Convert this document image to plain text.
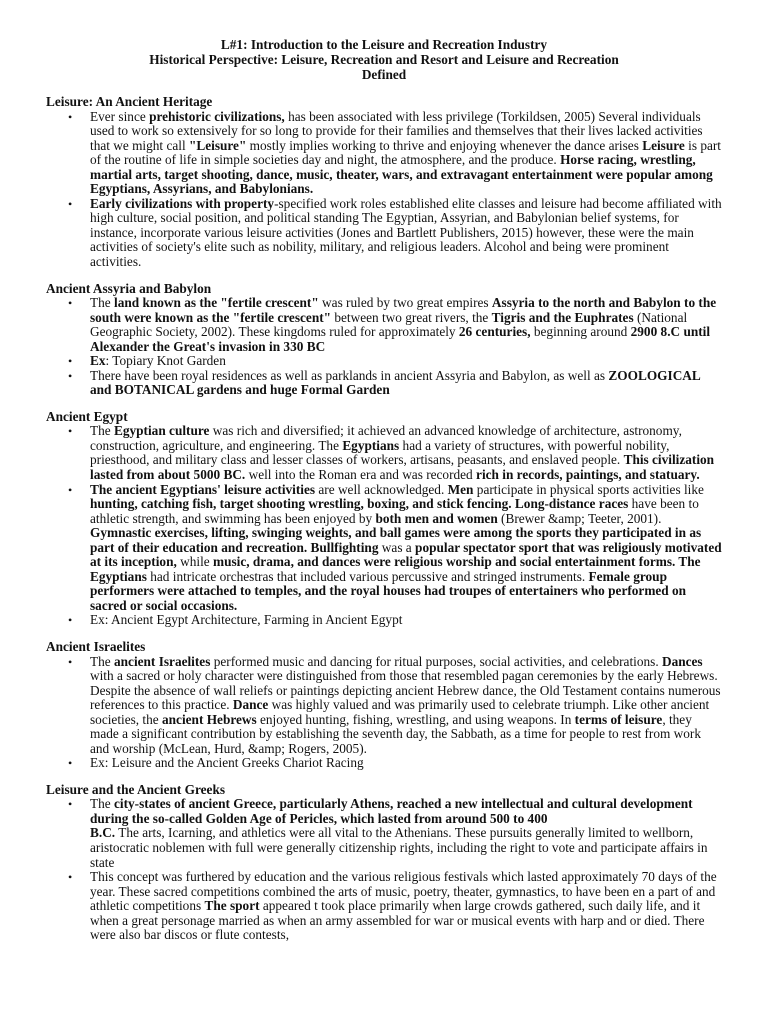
L#1: Introduction to the Leisure and Recreation Industry

Historical Perspective: Leisure, Recreation and Resort and Leisure and Recreation

Defined

Leisure: An Ancient Heritage

• Ever since prehistoric civilizations, has been associated with less privilege (Torkildsen, 2005) Several individuals used to work so extensively for so long to provide for their families and themselves that their lives lacked activities that we might call "Leisure" mostly implies working to thrive and enjoying whenever the dance arises Leisure is part of the routine of life in simple societies day and night, the atmosphere, and the produce. Horse racing, wrestling, martial arts, target shooting, dance, music, theater, wars, and extravagant entertainment were popular among Egyptians, Assyrians, and Babylonians.
• Early civilizations with property-specified work roles established elite classes and leisure had become affiliated with high culture, social position, and political standing The Egyptian, Assyrian, and Babylonian belief systems, for instance, incorporate various leisure activities (Jones and Bartlett Publishers, 2015) however, these were the main activities of society's elite such as nobility, military, and religious leaders. Alcohol and being were prominent activities.

Ancient Assyria and Babylon

• The land known as the "fertile crescent" was ruled by two great empires Assyria to the north and Babylon to the south were known as the "fertile crescent" between two great rivers, the Tigris and the Euphrates (National Geographic Society, 2002). These kingdoms ruled for approximately 26 centuries, beginning around 2900 8.C until Alexander the Great's invasion in 330 BC
• Ex: Topiary Knot Garden
• There have been royal residences as well as parklands in ancient Assyria and Babylon, as well as ZOOLOGICAL and BOTANICAL gardens and huge Formal Garden

Ancient Egypt

• The Egyptian culture was rich and diversified; it achieved an advanced knowledge of architecture, astronomy, construction, agriculture, and engineering. The Egyptians had a variety of structures, with powerful nobility, priesthood, and military class and lesser classes of workers, artisans, peasants, and enslaved people. This civilization lasted from about 5000 BC. well into the Roman era and was recorded rich in records, paintings, and statuary.
• The ancient Egyptians' leisure activities are well acknowledged. Men participate in physical sports activities like hunting, catching fish, target shooting wrestling, boxing, and stick fencing. Long-distance races have been to athletic strength, and swimming has been enjoyed by both men and women (Brewer &amp; Teeter, 2001). Gymnastic exercises, lifting, swinging weights, and ball games were among the sports they participated in as part of their education and recreation. Bullfighting was a popular spectator sport that was religiously motivated at its inception, while music, drama, and dances were religious worship and social entertainment forms. The Egyptians had intricate orchestras that included various percussive and stringed instruments. Female group performers were attached to temples, and the royal houses had troupes of entertainers who performed on sacred or social occasions.
• Ex: Ancient Egypt Architecture, Farming in Ancient Egypt

Ancient Israelites

• The ancient Israelites performed music and dancing for ritual purposes, social activities, and celebrations. Dances with a sacred or holy character were distinguished from those that resembled pagan ceremonies by the early Hebrews. Despite the absence of wall reliefs or paintings depicting ancient Hebrew dance, the Old Testament contains numerous references to this practice. Dance was highly valued and was primarily used to celebrate triumph. Like other ancient societies, the ancient Hebrews enjoyed hunting, fishing, wrestling, and using weapons. In terms of leisure, they made a significant contribution by establishing the seventh day, the Sabbath, as a time for people to rest from work and worship (McLean, Hurd, &amp; Rogers, 2005).
• Ex: Leisure and the Ancient Greeks Chariot Racing

Leisure and the Ancient Greeks

• The city-states of ancient Greece, particularly Athens, reached a new intellectual and cultural development during the so-called Golden Age of Pericles, which lasted from around 500 to 400
B.C. The arts, Icarning, and athletics were all vital to the Athenians. These pursuits generally limited to wellborn, aristocratic noblemen with full were generally citizenship rights, including the right to vote and participate affairs in state
• This concept was furthered by education and the various religious festivals which lasted approximately 70 days of the year. These sacred competitions combined the arts of music, poetry, theater, gymnastics, to have been en a part of and athletic competitions The sport appeared t took place primarily when large crowds gathered, such daily life, and it when a great personage married as when an army assembled for war or musical events with harp and or died. There were also bar discos or flute contests,
